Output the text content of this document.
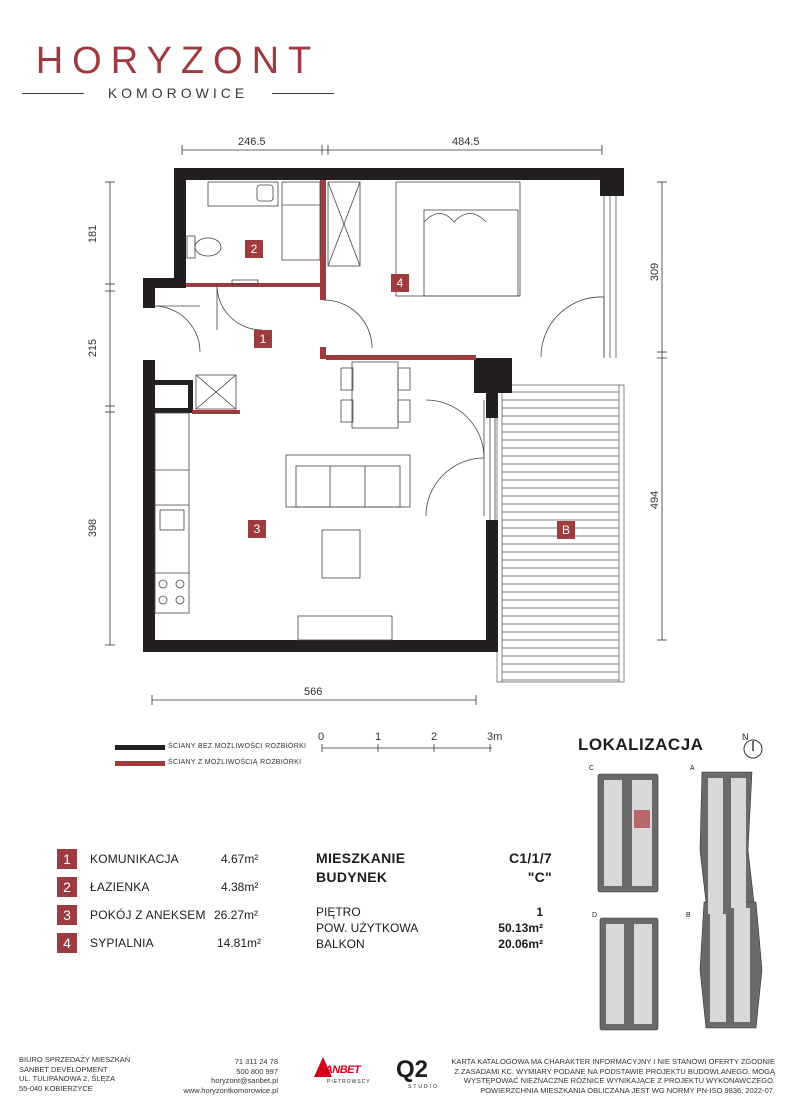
HORYZONT
KOMOROWICE
246.5	484.5
181
215
398
309
494
566
1
2
3
4
B
ŚCIANY BEZ MOŻLIWOŚCI ROZBIÓRKI
ŚCIANY Z MOŻLIWOŚCIĄ ROZBIÓRKI
0	1	2	3m	LOKALIZACJA	N
C	A
D	B
1	KOMUNIKACJA	4.67m²
2	ŁAZIENKA	4.38m²
3	POKÓJ Z ANEKSEM 26.27m²
4	SYPIALNIA	14.81m²
MIESZKANIE	C1/1/7
BUDYNEK	"C"
PIĘTRO	1
POW. UŻYTKOWA	50.13m²
BALKON	20.06m²
BIURO SPRZEDAŻY MIESZKAŃ
SANBET DEVELOPMENT
UL. TULIPANOWA 2, ŚLĘZA
55-040 KOBIERZYCE
71 311 24 78
500 800 997
horyzont@sanbet.pl
www.horyzontkomorowice.pl
SANBET
PIETROWSCY Q2
STUDIO
KARTA KATALOGOWA MA CHARAKTER INFORMACYJNY I NIE STANOWI OFERTY ZGODNIE
Z ZASADAMI KC. WYMIARY PODANE NA PODSTAWIE PROJEKTU BUDOWLANEGO. MOGĄ
WYSTĘPOWAĆ NIEZNACZNE RÓŻNICE WYNIKAJĄCE Z PROJEKTU WYKONAWCZEGO.
POWIERZCHNIA MIESZKANIA OBLICZANA JEST WG NORMY PN-ISO 9836: 2022-07.
